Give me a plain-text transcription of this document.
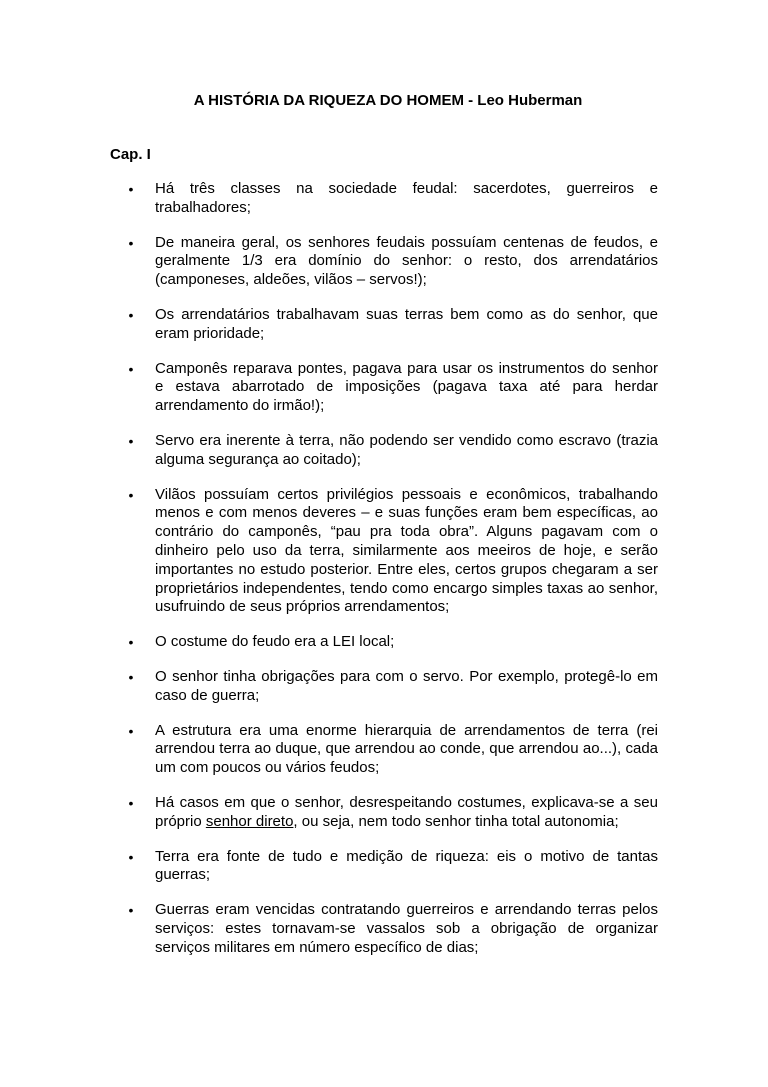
A HISTÓRIA DA RIQUEZA DO HOMEM - Leo Huberman
Cap. I
• Há três classes na sociedade feudal: sacerdotes, guerreiros e trabalhadores;
• De maneira geral, os senhores feudais possuíam centenas de feudos, e geralmente 1/3 era domínio do senhor: o resto, dos arrendatários (camponeses, aldeões, vilãos – servos!);
• Os arrendatários trabalhavam suas terras bem como as do senhor, que eram prioridade;
• Camponês reparava pontes, pagava para usar os instrumentos do senhor e estava abarrotado de imposições (pagava taxa até para herdar arrendamento do irmão!);
• Servo era inerente à terra, não podendo ser vendido como escravo (trazia alguma segurança ao coitado);
• Vilãos possuíam certos privilégios pessoais e econômicos, trabalhando menos e com menos deveres – e suas funções eram bem específicas, ao contrário do camponês, “pau pra toda obra”. Alguns pagavam com o dinheiro pelo uso da terra, similarmente aos meeiros de hoje, e serão importantes no estudo posterior. Entre eles, certos grupos chegaram a ser proprietários independentes, tendo como encargo simples taxas ao senhor, usufruindo de seus próprios arrendamentos;
• O costume do feudo era a LEI local;
• O senhor tinha obrigações para com o servo. Por exemplo, protegê-lo em caso de guerra;
• A estrutura era uma enorme hierarquia de arrendamentos de terra (rei arrendou terra ao duque, que arrendou ao conde, que arrendou ao...), cada um com poucos ou vários feudos;
• Há casos em que o senhor, desrespeitando costumes, explicava-se a seu próprio senhor direto, ou seja, nem todo senhor tinha total autonomia;
• Terra era fonte de tudo e medição de riqueza: eis o motivo de tantas guerras;
• Guerras eram vencidas contratando guerreiros e arrendando terras pelos serviços: estes tornavam-se vassalos sob a obrigação de organizar serviços militares em número específico de dias;
